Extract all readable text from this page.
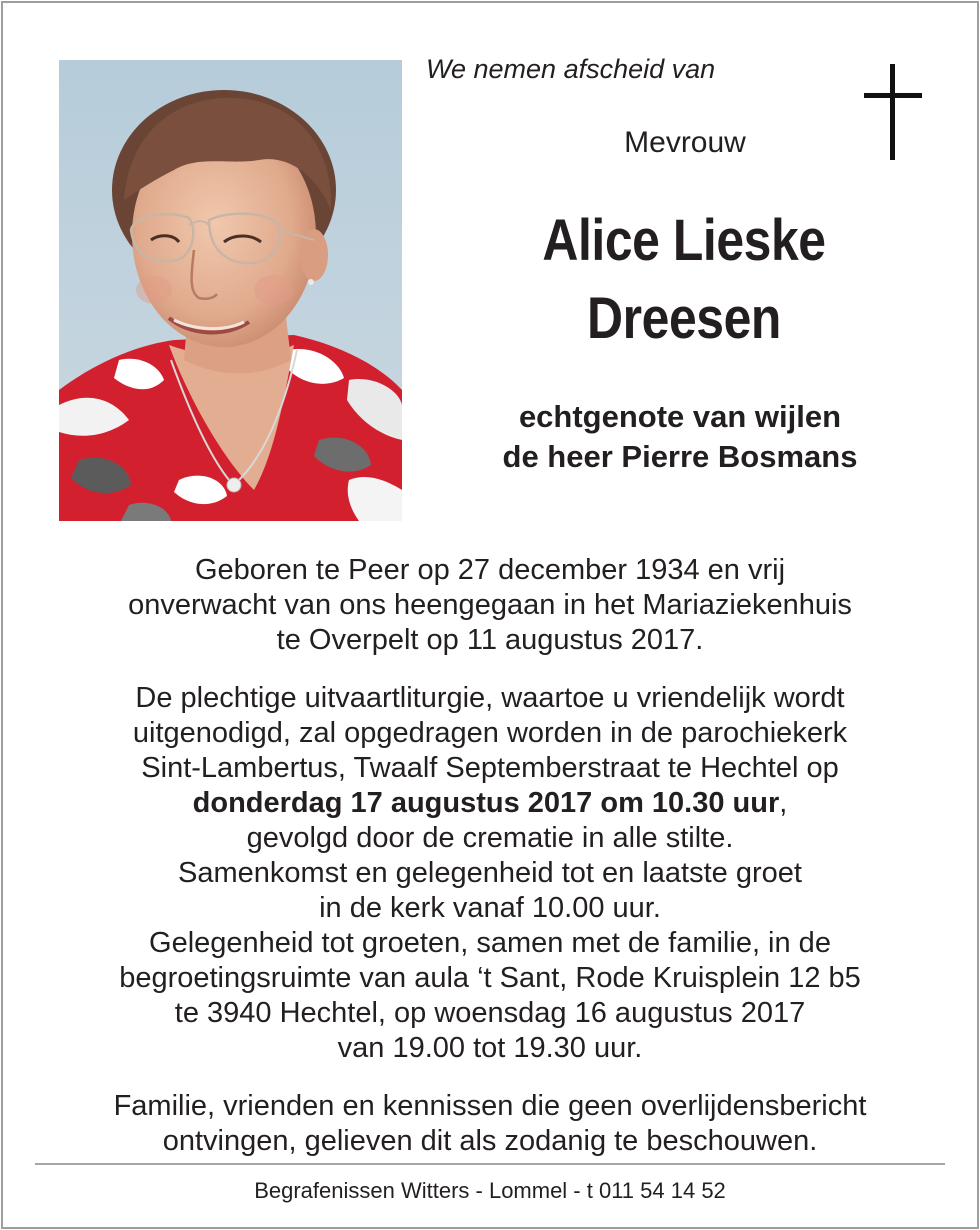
We nemen afscheid van
Mevrouw
Alice Lieske
Dreesen
echtgenote van wijlen
de heer Pierre Bosmans
Geboren te Peer op 27 december 1934 en vrij
onverwacht van ons heengegaan in het Mariaziekenhuis
te Overpelt op 11 augustus 2017.
De plechtige uitvaartliturgie, waartoe u vriendelijk wordt
uitgenodigd, zal opgedragen worden in de parochiekerk
Sint-Lambertus, Twaalf Septemberstraat te Hechtel op
donderdag 17 augustus 2017 om 10.30 uur,
gevolgd door de crematie in alle stilte.
Samenkomst en gelegenheid tot en laatste groet
in de kerk vanaf 10.00 uur.
Gelegenheid tot groeten, samen met de familie, in de
begroetingsruimte van aula ‘t Sant, Rode Kruisplein 12 b5
te 3940 Hechtel, op woensdag 16 augustus 2017
van 19.00 tot 19.30 uur.
Familie, vrienden en kennissen die geen overlijdensbericht
ontvingen, gelieven dit als zodanig te beschouwen.
Begrafenissen Witters - Lommel - t 011 54 14 52
